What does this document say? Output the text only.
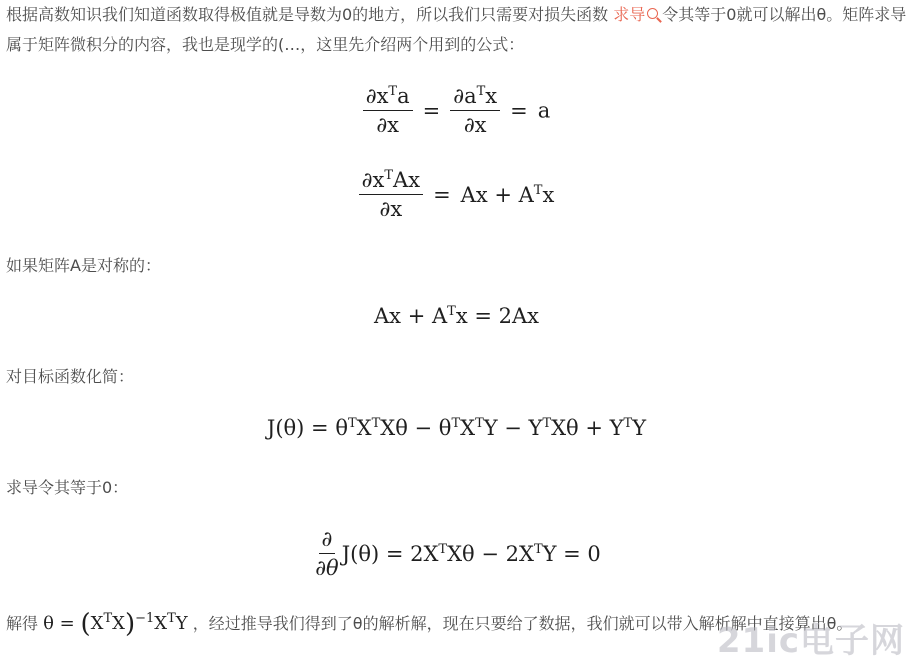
根据高数知识我们知道函数取得极值就是导数为0的地方，所以我们只需要对损失函数 求导 令其等于0就可以解出θ。矩阵求导属于矩阵微积分的内容，我也是现学的(…，这里先介绍两个用到的公式：

$\frac{\partial x^Ta}{\partial x} = \frac{\partial a^Tx}{\partial x} = a$
$\frac{\partial x^TAx}{\partial x} = Ax + A^Tx$

如果矩阵A是对称的：

$Ax + A^Tx = 2Ax$

对目标函数化简：

$J(\theta) = \theta^TX^TX\theta - \theta^TX^TY - Y^TX\theta + Y^TY$

求导令其等于0：

$\frac{\partial}{\partial\theta} J(\theta) = 2X^TX\theta - 2X^TY = 0$

解得 $\theta = (X^TX)^{-1}X^TY$ ，经过推导我们得到了θ的解析解，现在只要给了数据，我们就可以带入解析解中直接算出θ。

21ic电子网
